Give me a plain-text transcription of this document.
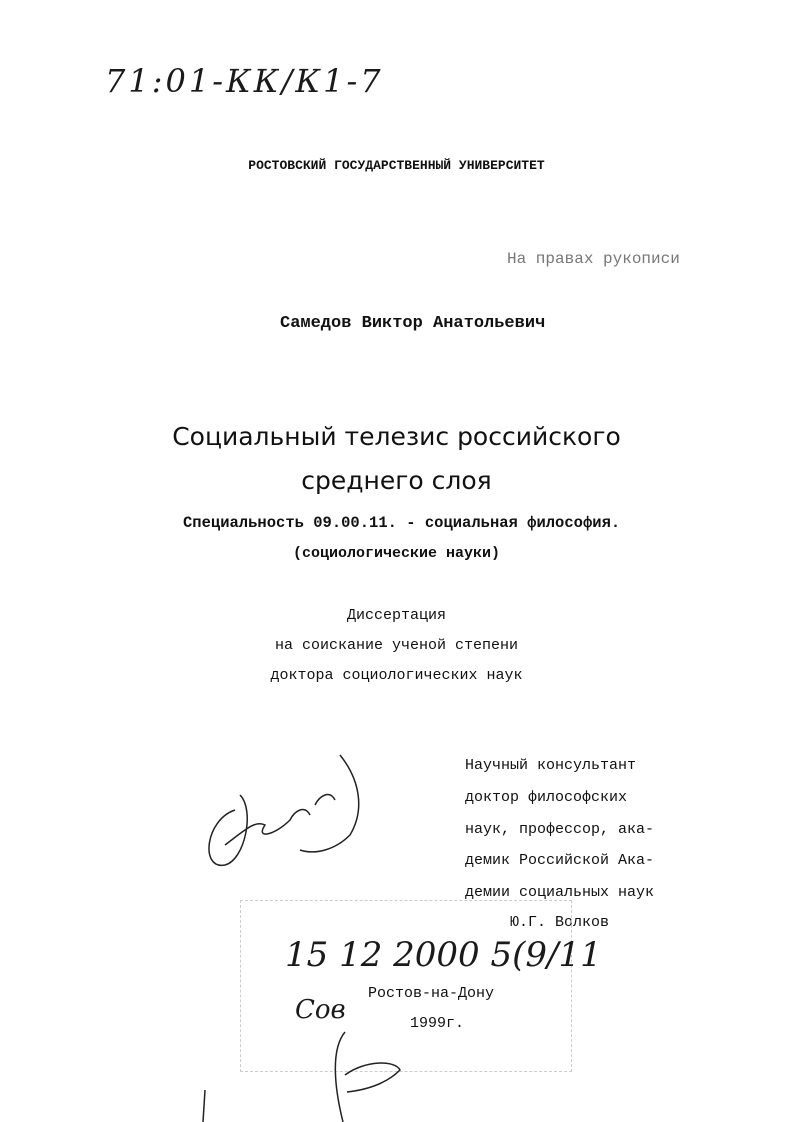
71:01-КК/К1-7
РОСТОВСКИЙ ГОСУДАРСТВЕННЫЙ УНИВЕРСИТЕТ
На правах рукописи
Самедов Виктор Анатольевич
Социальный телезис российского
среднего слоя
Специальность 09.00.11. - социальная философия.
(социологические науки)
Диссертация
на соискание ученой степени
доктора социологических наук
Научный консультант
доктор философских
наук, профессор, ака-
демик Российской Ака-
демии социальных наук
Ю.Г. Волков
15 12 2000 5(9/11
Сов
Ростов-на-Дону
1999г.
